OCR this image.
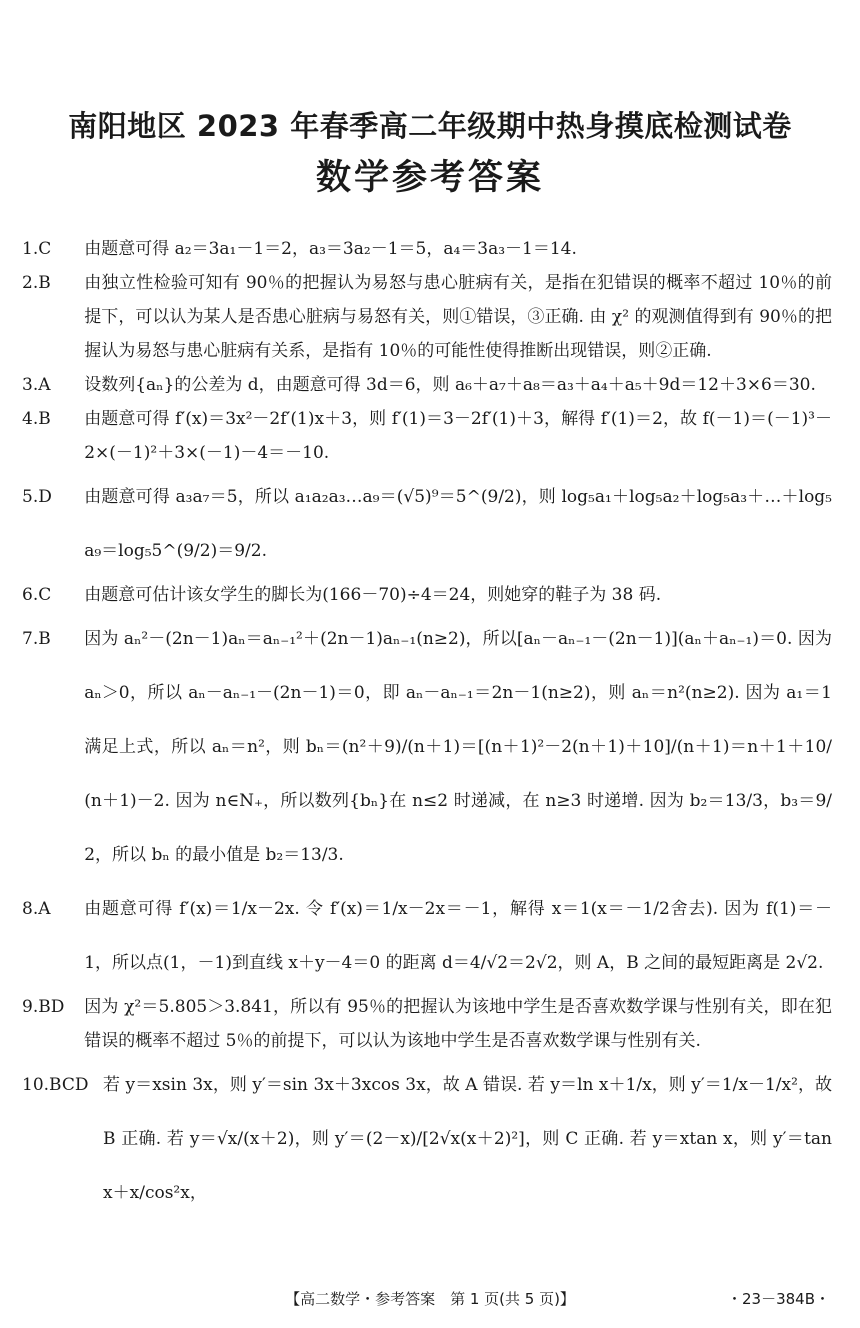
南阳地区 2023 年春季高二年级期中热身摸底检测试卷
数学参考答案
1.C	由题意可得 a₂＝3a₁－1＝2，a₃＝3a₂－1＝5，a₄＝3a₃－1＝14.
2.B	由独立性检验可知有 90％的把握认为易怒与患心脏病有关，是指在犯错误的概率不超过 10％的前提下，可以认为某人是否患心脏病与易怒有关，则①错误，③正确. 由 χ² 的观测值得到有 90％的把握认为易怒与患心脏病有关系，是指有 10％的可能性使得推断出现错误，则②正确.
3.A	设数列{aₙ}的公差为 d，由题意可得 3d＝6，则 a₆＋a₇＋a₈＝a₃＋a₄＋a₅＋9d＝12＋3×6＝30.
4.B	由题意可得 f′(x)＝3x²－2f′(1)x＋3，则 f′(1)＝3－2f′(1)＋3，解得 f′(1)＝2，故 f(－1)＝(－1)³－2×(－1)²＋3×(－1)－4＝－10.
5.D	由题意可得 a₃a₇＝5，所以 a₁a₂a₃…a₉＝(√5)⁹＝5^(9/2)，则 log₅a₁＋log₅a₂＋log₅a₃＋…＋log₅a₉＝log₅5^(9/2)＝9/2.
6.C	由题意可估计该女学生的脚长为(166－70)÷4＝24，则她穿的鞋子为 38 码.
7.B	因为 aₙ²－(2n－1)aₙ＝aₙ₋₁²＋(2n－1)aₙ₋₁(n≥2)，所以[aₙ－aₙ₋₁－(2n－1)](aₙ＋aₙ₋₁)＝0. 因为 aₙ＞0，所以 aₙ－aₙ₋₁－(2n－1)＝0，即 aₙ－aₙ₋₁＝2n－1(n≥2)，则 aₙ＝n²(n≥2). 因为 a₁＝1 满足上式，所以 aₙ＝n²，则 bₙ＝(n²＋9)/(n＋1)＝[(n＋1)²－2(n＋1)＋10]/(n＋1)＝n＋1＋10/(n＋1)－2. 因为 n∈N₊，所以数列{bₙ}在 n≤2 时递减，在 n≥3 时递增. 因为 b₂＝13/3，b₃＝9/2，所以 bₙ 的最小值是 b₂＝13/3.
8.A	由题意可得 f′(x)＝1/x－2x. 令 f′(x)＝1/x－2x＝－1，解得 x＝1(x＝－1/2舍去). 因为 f(1)＝－1，所以点(1，－1)到直线 x＋y－4＝0 的距离 d＝4/√2＝2√2，则 A，B 之间的最短距离是 2√2.
9.BD	因为 χ²＝5.805＞3.841，所以有 95％的把握认为该地中学生是否喜欢数学课与性别有关，即在犯错误的概率不超过 5％的前提下，可以认为该地中学生是否喜欢数学课与性别有关.
10.BCD 若 y＝xsin 3x，则 y′＝sin 3x＋3xcos 3x，故 A 错误. 若 y＝ln x＋1/x，则 y′＝1/x－1/x²，故 B 正确. 若 y＝√x/(x＋2)，则 y′＝(2－x)/[2√x(x＋2)²]，则 C 正确. 若 y＝xtan x，则 y′＝tan x＋x/cos²x，
【高二数学・参考答案　第 1 页(共 5 页)】	・23－384B・
